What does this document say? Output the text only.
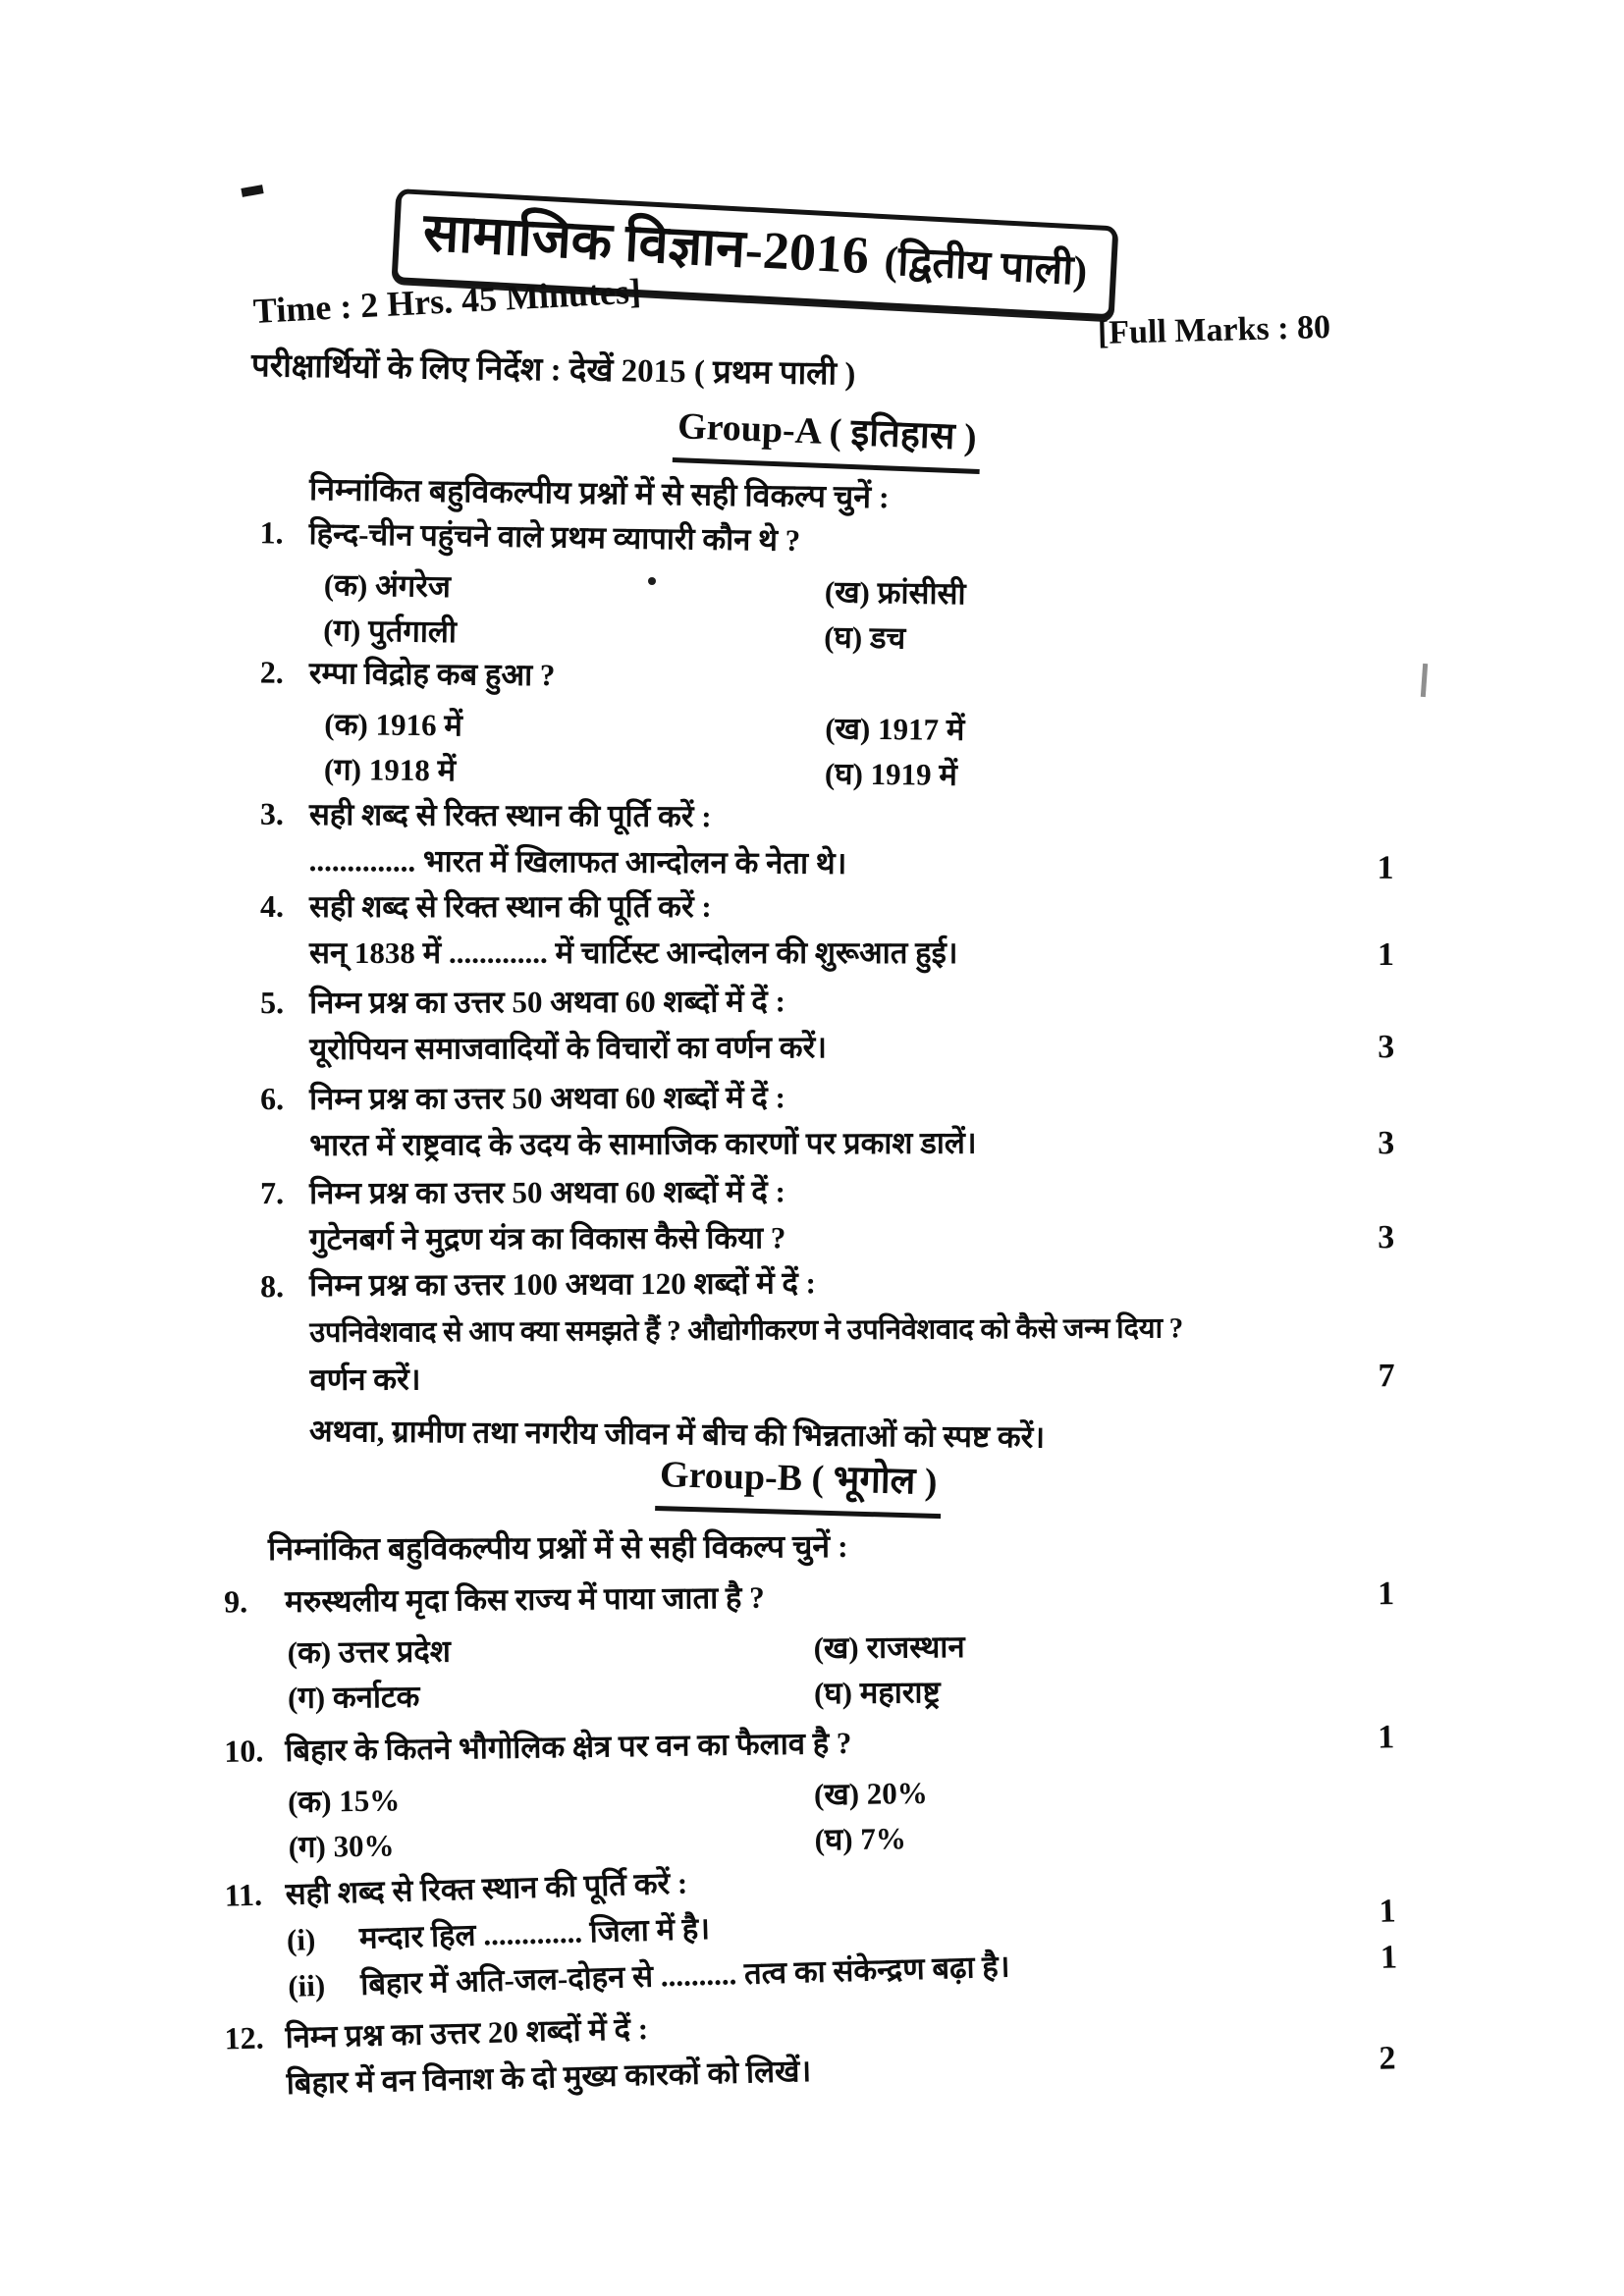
सामाजिक विज्ञान-2016 (द्वितीय पाली)
Time : 2 Hrs. 45 Minutes]	[Full Marks : 80
परीक्षार्थियों के लिए निर्देश : देखें 2015 ( प्रथम पाली )
Group-A ( इतिहास )
निम्नांकित बहुविकल्पीय प्रश्नों में से सही विकल्प चुनें :
1. हिन्द-चीन पहुंचने वाले प्रथम व्यापारी कौन थे ?
(क) अंगरेज	(ख) फ्रांसीसी
(ग) पुर्तगाली	(घ) डच
2. रम्पा विद्रोह कब हुआ ?
(क) 1916 में	(ख) 1917 में
(ग) 1918 में	(घ) 1919 में
3. सही शब्द से रिक्त स्थान की पूर्ति करें :
.............. भारत में खिलाफत आन्दोलन के नेता थे।	1
4. सही शब्द से रिक्त स्थान की पूर्ति करें :
सन् 1838 में ............. में चार्टिस्ट आन्दोलन की शुरूआत हुई।	1
5. निम्न प्रश्न का उत्तर 50 अथवा 60 शब्दों में दें :
यूरोपियन समाजवादियों के विचारों का वर्णन करें।	3
6. निम्न प्रश्न का उत्तर 50 अथवा 60 शब्दों में दें :
भारत में राष्ट्रवाद के उदय के सामाजिक कारणों पर प्रकाश डालें।	3
7. निम्न प्रश्न का उत्तर 50 अथवा 60 शब्दों में दें :
गुटेनबर्ग ने मुद्रण यंत्र का विकास कैसे किया ?	3
8. निम्न प्रश्न का उत्तर 100 अथवा 120 शब्दों में दें :
उपनिवेशवाद से आप क्या समझते हैं ? औद्योगीकरण ने उपनिवेशवाद को कैसे जन्म दिया ?
वर्णन करें।	7
अथवा, ग्रामीण तथा नगरीय जीवन में बीच की भिन्नताओं को स्पष्ट करें।
Group-B ( भूगोल )
निम्नांकित बहुविकल्पीय प्रश्नों में से सही विकल्प चुनें :
9. मरुस्थलीय मृदा किस राज्य में पाया जाता है ?	1
(क) उत्तर प्रदेश	(ख) राजस्थान
(ग) कर्नाटक	(घ) महाराष्ट्र
10. बिहार के कितने भौगोलिक क्षेत्र पर वन का फैलाव है ?	1
(क) 15%	(ख) 20%
(ग) 30%	(घ) 7%
11. सही शब्द से रिक्त स्थान की पूर्ति करें :
(i)	मन्दार हिल ............. जिला में है।	1
(ii)	बिहार में अति-जल-दोहन से .......... तत्व का संकेन्द्रण बढ़ा है।	1
12. निम्न प्रश्न का उत्तर 20 शब्दों में दें :
बिहार में वन विनाश के दो मुख्य कारकों को लिखें।	2
